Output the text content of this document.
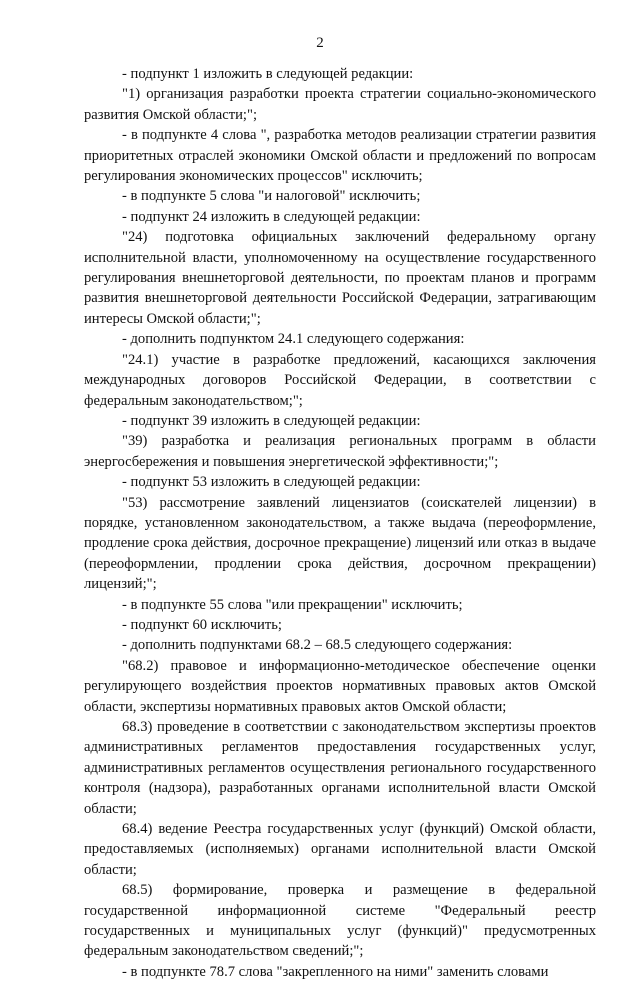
2

- подпункт 1 изложить в следующей редакции:

"1) организация разработки проекта стратегии социально-экономического развития Омской области;";

- в подпункте 4 слова ", разработка методов реализации стратегии развития приоритетных отраслей экономики Омской области и предложений по вопросам регулирования экономических процессов" исключить;

- в подпункте 5 слова "и налоговой" исключить;

- подпункт 24 изложить в следующей редакции:

"24) подготовка официальных заключений федеральному органу исполнительной власти, уполномоченному на осуществление государственного регулирования внешнеторговой деятельности, по проектам планов и программ развития внешнеторговой деятельности Российской Федерации, затрагивающим интересы Омской области;";

- дополнить подпунктом 24.1 следующего содержания:

"24.1) участие в разработке предложений, касающихся заключения международных договоров Российской Федерации, в соответствии с федеральным законодательством;";

- подпункт 39 изложить в следующей редакции:

"39) разработка и реализация региональных программ в области энергосбережения и повышения энергетической эффективности;";

- подпункт 53 изложить в следующей редакции:

"53) рассмотрение заявлений лицензиатов (соискателей лицензии) в порядке, установленном законодательством, а также выдача (переоформление, продление срока действия, досрочное прекращение) лицензий или отказ в выдаче (переоформлении, продлении срока действия, досрочном прекращении) лицензий;";

- в подпункте 55 слова "или прекращении" исключить;

- подпункт 60 исключить;

- дополнить подпунктами 68.2 – 68.5 следующего содержания:

"68.2) правовое и информационно-методическое обеспечение оценки регулирующего воздействия проектов нормативных правовых актов Омской области, экспертизы нормативных правовых актов Омской области;

68.3) проведение в соответствии с законодательством экспертизы проектов административных регламентов предоставления государственных услуг, административных регламентов осуществления регионального государственного контроля (надзора), разработанных органами исполнительной власти Омской области;

68.4) ведение Реестра государственных услуг (функций) Омской области, предоставляемых (исполняемых) органами исполнительной власти Омской области;

68.5) формирование, проверка и размещение в федеральной государственной информационной системе "Федеральный реестр государственных и муниципальных услуг (функций)" предусмотренных федеральным законодательством сведений;";

- в подпункте 78.7 слова "закрепленного на ними" заменить словами
